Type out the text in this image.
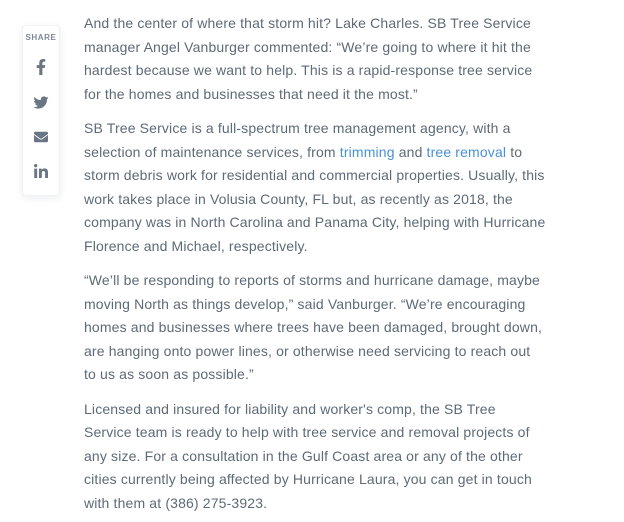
SHARE

And the center of where that storm hit? Lake Charles. SB Tree Service manager Angel Vanburger commented: “We’re going to where it hit the hardest because we want to help. This is a rapid-response tree service for the homes and businesses that need it the most.”

SB Tree Service is a full-spectrum tree management agency, with a selection of maintenance services, from trimming and tree removal to storm debris work for residential and commercial properties. Usually, this work takes place in Volusia County, FL but, as recently as 2018, the company was in North Carolina and Panama City, helping with Hurricane Florence and Michael, respectively.

“We’ll be responding to reports of storms and hurricane damage, maybe moving North as things develop,” said Vanburger. “We’re encouraging homes and businesses where trees have been damaged, brought down, are hanging onto power lines, or otherwise need servicing to reach out to us as soon as possible.”

Licensed and insured for liability and worker's comp, the SB Tree Service team is ready to help with tree service and removal projects of any size. For a consultation in the Gulf Coast area or any of the other cities currently being affected by Hurricane Laura, you can get in touch with them at (386) 275-3923.
